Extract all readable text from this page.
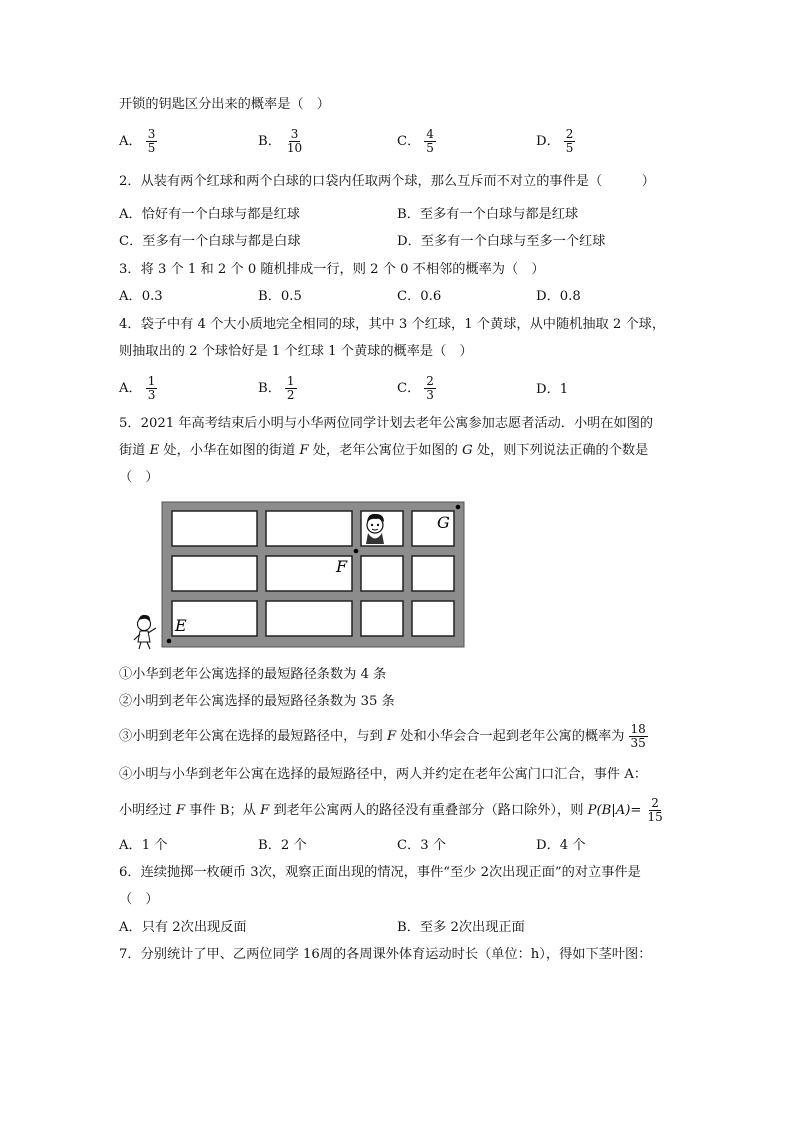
开锁的钥匙区分出来的概率是（　）
A． $\frac{3}{5}$	B． $\frac{3}{10}$	C． $\frac{4}{5}$	D． $\frac{2}{5}$
2．从装有两个红球和两个白球的口袋内任取两个球，那么互斥而不对立的事件是（　　　）
A．恰好有一个白球与都是红球	B．至多有一个白球与都是红球
C．至多有一个白球与都是白球	D．至多有一个白球与至多一个红球
3．将 3 个 1 和 2 个 0 随机排成一行，则 2 个 0 不相邻的概率为（　）
A．0.3	B．0.5	C．0.6	D．0.8
4．袋子中有 4 个大小质地完全相同的球，其中 3 个红球，1 个黄球，从中随机抽取 2 个球，
则抽取出的 2 个球恰好是 1 个红球 1 个黄球的概率是（　）
A． $\frac{1}{3}$	B． $\frac{1}{2}$	C． $\frac{2}{3}$	D．1
5．2021 年高考结束后小明与小华两位同学计划去老年公寓参加志愿者活动．小明在如图的
街道 E 处，小华在如图的街道 F 处，老年公寓位于如图的 G 处，则下列说法正确的个数是
（　）
E
F
G
①小华到老年公寓选择的最短路径条数为 4 条
②小明到老年公寓选择的最短路径条数为 35 条
③小明到老年公寓在选择的最短路径中，与到 F 处和小华会合一起到老年公寓的概率为 $\frac{18}{35}$
④小明与小华到老年公寓在选择的最短路径中，两人并约定在老年公寓门口汇合，事件 A：
小明经过 F 事件 B；从 F 到老年公寓两人的路径没有重叠部分（路口除外），则 $P(B|A)= \frac{2}{15}$
A．1 个	B．2 个	C．3 个	D．4 个
6．连续抛掷一枚硬币 3次，观察正面出现的情况，事件“至少 2次出现正面”的对立事件是
（　）
A．只有 2次出现反面	B．至多 2次出现正面
7．分别统计了甲、乙两位同学 16周的各周课外体育运动时长（单位：h），得如下茎叶图：
